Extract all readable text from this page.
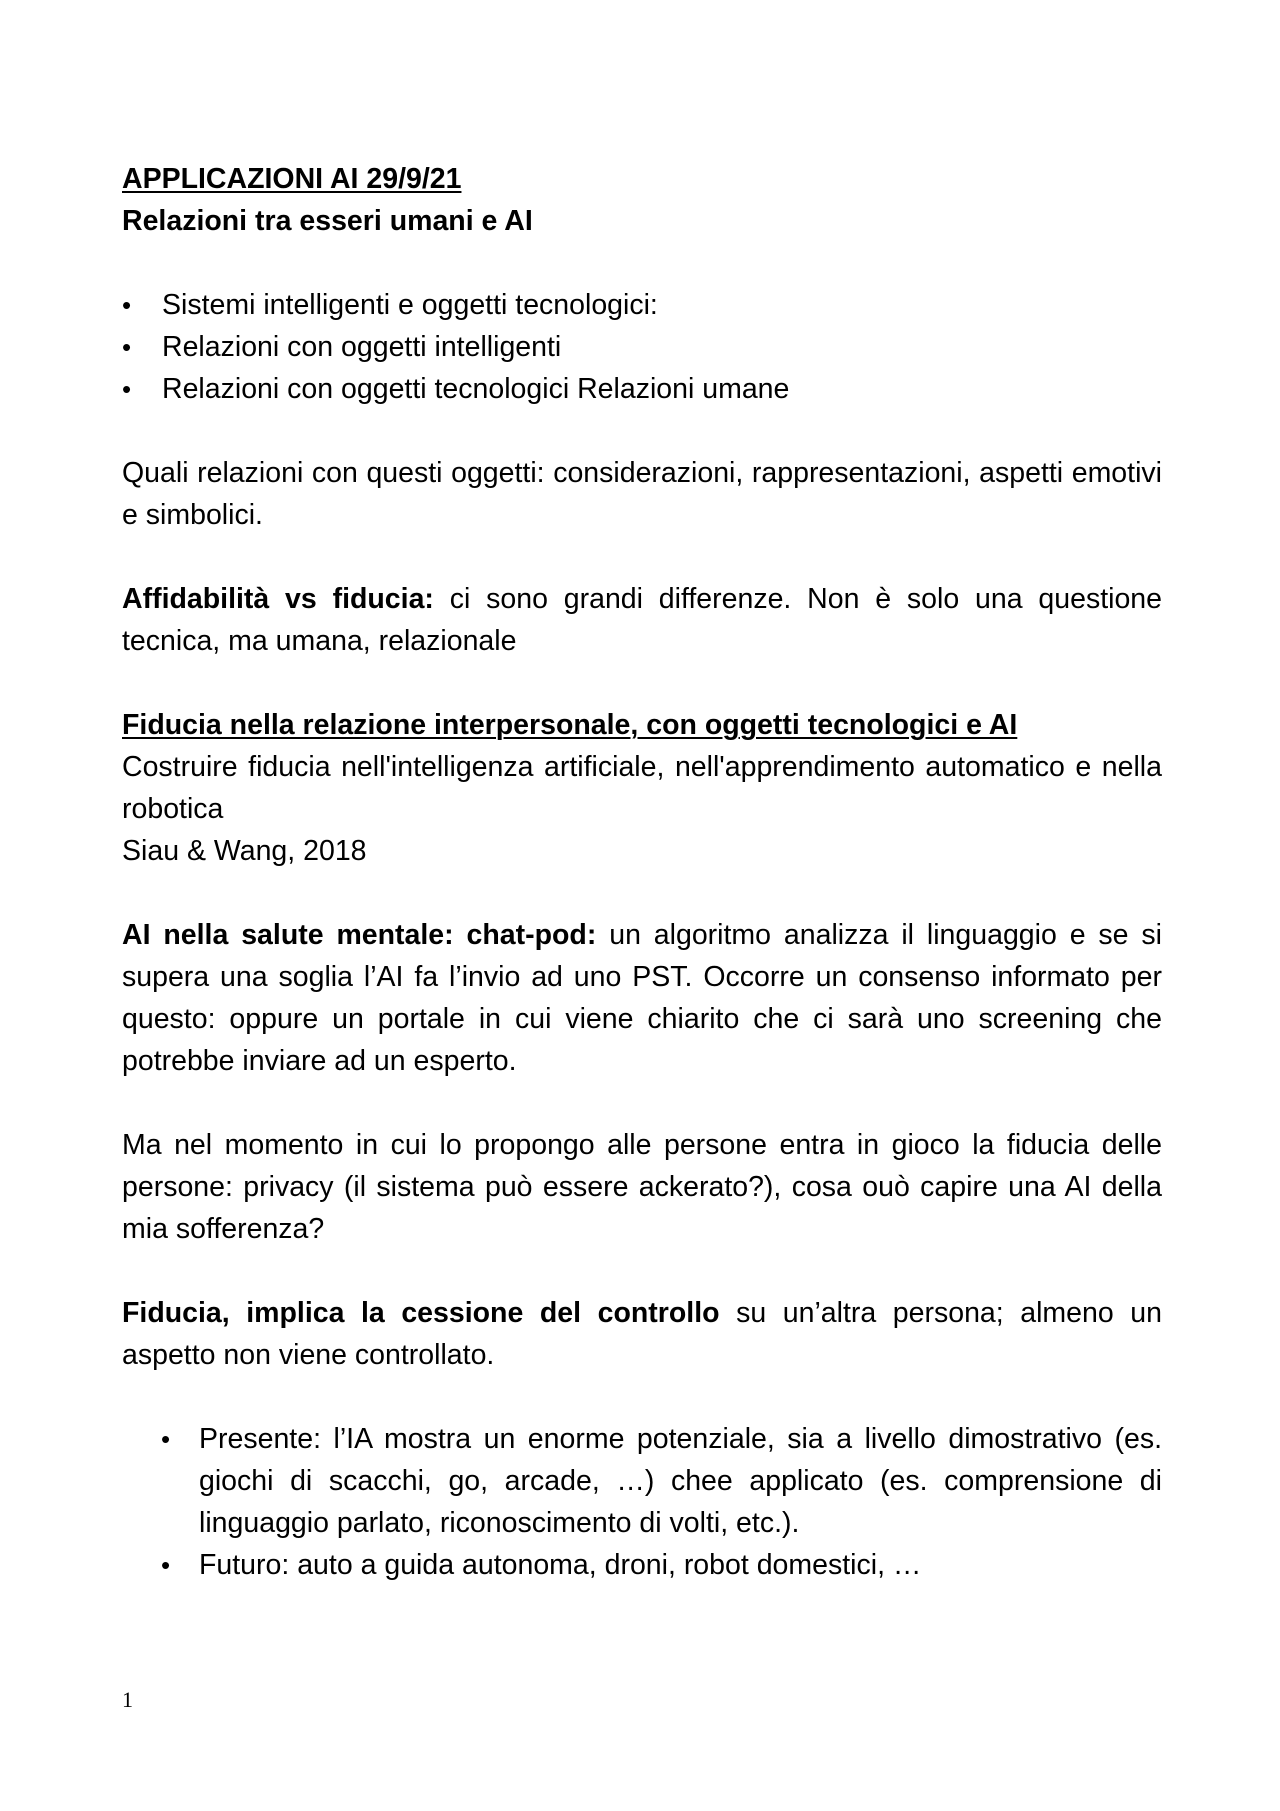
APPLICAZIONI AI 29/9/21

Relazioni tra esseri umani e AI

• Sistemi intelligenti e oggetti tecnologici:
• Relazioni con oggetti intelligenti
• Relazioni con oggetti tecnologici Relazioni umane

Quali relazioni con questi oggetti: considerazioni, rappresentazioni, aspetti emotivi e simbolici.

Affidabilità vs fiducia: ci sono grandi differenze. Non è solo una questione tecnica, ma umana, relazionale

Fiducia nella relazione interpersonale, con oggetti tecnologici e AI

Costruire fiducia nell'intelligenza artificiale, nell'apprendimento automatico e nella robotica

Siau & Wang, 2018

AI nella salute mentale: chat-pod: un algoritmo analizza il linguaggio e se si supera una soglia l’AI fa l’invio ad uno PST. Occorre un consenso informato per questo: oppure un portale in cui viene chiarito che ci sarà uno screening che potrebbe inviare ad un esperto.

Ma nel momento in cui lo propongo alle persone entra in gioco la fiducia delle persone: privacy (il sistema può essere ackerato?), cosa ouò capire una AI della mia sofferenza?

Fiducia, implica la cessione del controllo su un’altra persona; almeno un aspetto non viene controllato.

• Presente: l’IA mostra un enorme potenziale, sia a livello dimostrativo (es. giochi di scacchi, go, arcade, …) chee applicato (es. comprensione di linguaggio parlato, riconoscimento di volti, etc.).
• Futuro: auto a guida autonoma, droni, robot domestici, …
1
